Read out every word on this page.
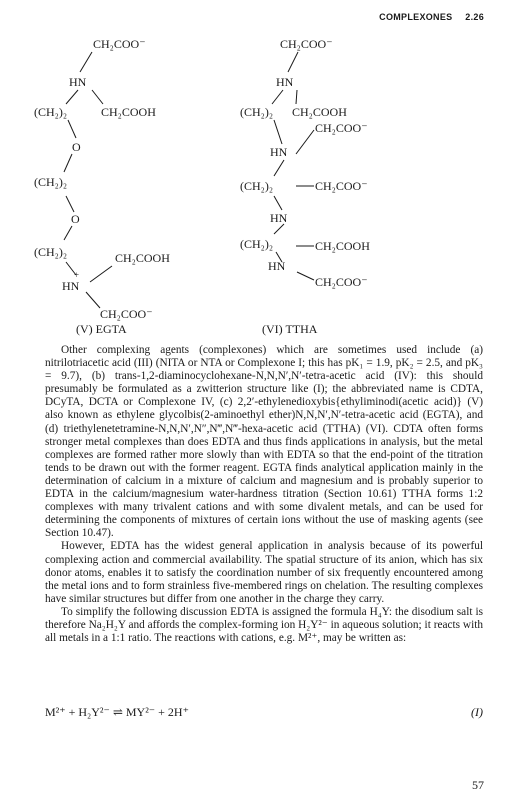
COMPLEXONES 2.26
CH₂COO⁻
HN
(CH₂)₂	CH₂COOH
O
(CH₂)₂
O
(CH₂)₂	CH₂COOH
HN
+
CH₂COO⁻
CH₂COO⁻
HN
(CH₂)₂ CH₂COOH
CH₂COO⁻
HN
(CH₂)₂	CH₂COO⁻
HN
(CH₂)₂	CH₂COOH
HN
CH₂COO⁻
(V) EGTA	(VI) TTHA

Other complexing agents (complexones) which are sometimes used include (a) nitrilotriacetic acid (III) (NITA or NTA or Complexone I; this has pK₁ = 1.9, pK₂ = 2.5, and pK₃ = 9.7), (b) trans-1,2-diaminocyclohexane-N,N,N′,N′-tetra-acetic acid (IV): this should presumably be formulated as a zwitterion structure like (I); the abbreviated name is CDTA, DCyTA, DCTA or Complexone IV, (c) 2,2′-ethylenedioxybis{ethyliminodi(acetic acid)} (V) also known as ethylene glycolbis(2-aminoethyl ether)N,N,N′,N′-tetra-acetic acid (EGTA), and (d) triethylenetetramine-N,N,N′,N″,N‴,N‴-hexa-acetic acid (TTHA) (VI). CDTA often forms stronger metal complexes than does EDTA and thus finds applications in analysis, but the metal complexes are formed rather more slowly than with EDTA so that the end-point of the titration tends to be drawn out with the former reagent. EGTA finds analytical application mainly in the determination of calcium in a mixture of calcium and magnesium and is probably superior to EDTA in the calcium/magnesium water-hardness titration (Section 10.61) TTHA forms 1:2 complexes with many trivalent cations and with some divalent metals, and can be used for determining the components of mixtures of certain ions without the use of masking agents (see Section 10.47).

However, EDTA has the widest general application in analysis because of its powerful complexing action and commercial availability. The spatial structure of its anion, which has six donor atoms, enables it to satisfy the coordination number of six frequently encountered among the metal ions and to form strainless five-membered rings on chelation. The resulting complexes have similar structures but differ from one another in the charge they carry.

To simplify the following discussion EDTA is assigned the formula H₄Y: the disodium salt is therefore Na₂H₂Y and affords the complex-forming ion H₂Y²⁻ in aqueous solution; it reacts with all metals in a 1:1 ratio. The reactions with cations, e.g. M²⁺, may be written as:

M²⁺ + H₂Y²⁻ ⇌ MY²⁻ + 2H⁺	(I)
57
